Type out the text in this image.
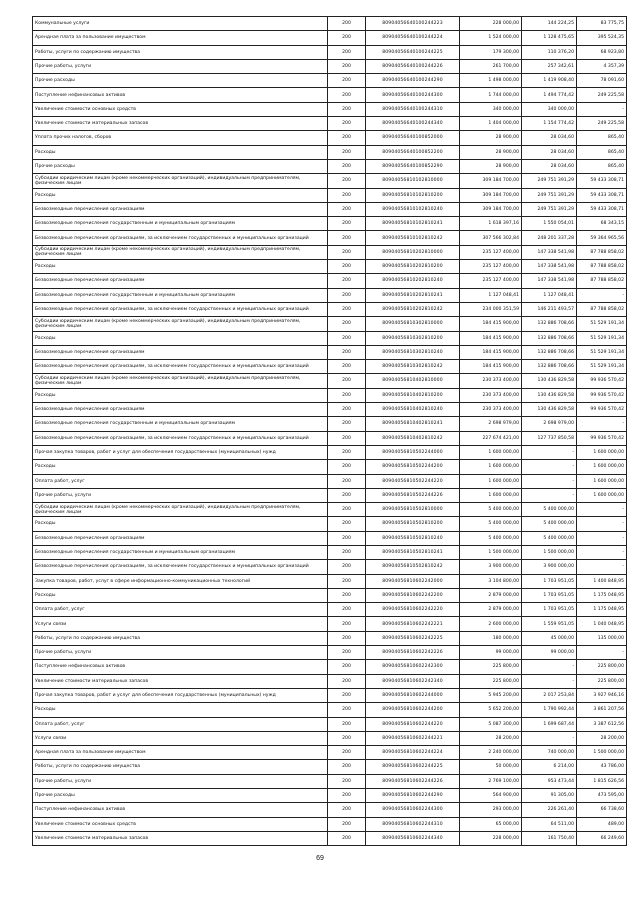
Коммунальные услуги	200	80904056640100244223	228 000,00	144 224,25	83 775,75
Арендная плата за пользование имуществом	200	80904056640100244224	1 524 000,00	1 128 475,65	395 524,35
Работы, услуги по содержанию имущества	200	80904056640100244225	179 300,00	110 376,20	68 923,80
Прочие работы, услуги	200	80904056640100244226	261 700,00	257 342,61	4 357,39
Прочие расходы	200	80904056640100244290	1 498 000,00	1 419 908,40	78 091,60
Поступление нефинансовых активов	200	80904056640100244300	1 744 000,00	1 494 774,42	249 225,58
Увеличение стоимости основных средств	200	80904056640100244310	340 000,00	340 000,00	-
Увеличение стоимости материальных запасов	200	80904056640100244340	1 404 000,00	1 154 774,42	249 225,58
Уплата прочих налогов, сборов	200	80904056640100852000	28 900,00	28 034,60	865,40
Расходы	200	80904056640100852200	28 900,00	28 034,60	865,40
Прочие расходы	200	80904056640100852290	28 900,00	28 034,60	865,40
Субсидии юридическим лицам (кроме некоммерческих организаций), индивидуальным предпринимателям, физическим лицам	200	80904056810102810000	309 184 700,00	249 751 391,29	59 433 308,71
Расходы	200	80904056810102810200	309 184 700,00	249 751 391,29	59 433 308,71
Безвозмездные перечисления организациям	200	80904056810102810240	309 184 700,00	249 751 391,29	59 433 308,71
Безвозмездные перечисления государственным и муниципальным организациям	200	80904056810102810241	1 618 397,16	1 550 054,01	68 343,15
Безвозмездные перечисления организациям, за исключением государственных и муниципальных организаций	200	80904056810102810242	307 566 302,84	248 201 337,28	59 364 965,56
Субсидии юридическим лицам (кроме некоммерческих организаций), индивидуальным предпринимателям, физическим лицам	200	80904056810202810000	235 127 400,00	147 338 541,98	87 788 858,02
Расходы	200	80904056810202810200	235 127 400,00	147 338 541,98	87 788 858,02
Безвозмездные перечисления организациям	200	80904056810202810240	235 127 400,00	147 338 541,98	87 788 858,02
Безвозмездные перечисления государственным и муниципальным организациям	200	80904056810202810241	1 127 048,41	1 127 048,41	-
Безвозмездные перечисления организациям, за исключением государственных и муниципальных организаций	200	80904056810202810242	234 000 351,59	146 211 493,57	87 788 858,02
Субсидии юридическим лицам (кроме некоммерческих организаций), индивидуальным предпринимателям, физическим лицам	200	80904056810302810000	184 415 900,00	132 886 708,66	51 529 191,34
Расходы	200	80904056810302810200	184 415 900,00	132 886 708,66	51 529 191,34
Безвозмездные перечисления организациям	200	80904056810302810240	184 415 900,00	132 886 708,66	51 529 191,34
Безвозмездные перечисления организациям, за исключением государственных и муниципальных организаций	200	80904056810302810242	184 415 900,00	132 886 708,66	51 529 191,34
Субсидии юридическим лицам (кроме некоммерческих организаций), индивидуальным предпринимателям, физическим лицам	200	80904056810402810000	230 373 400,00	130 436 829,58	99 936 570,42
Расходы	200	80904056810402810200	230 373 400,00	130 436 829,58	99 936 570,42
Безвозмездные перечисления организациям	200	80904056810402810240	230 373 400,00	130 436 829,58	99 936 570,42
Безвозмездные перечисления государственным и муниципальным организациям	200	80904056810402810241	2 698 979,00	2 698 979,00	-
Безвозмездные перечисления организациям, за исключением государственных и муниципальных организаций	200	80904056810402810242	227 674 421,00	127 737 850,58	99 936 570,42
Прочая закупка товаров, работ и услуг для обеспечения государственных (муниципальных) нужд	200	80904056810502244000	1 600 000,00	-	1 600 000,00
Расходы	200	80904056810502244200	1 600 000,00	-	1 600 000,00
Оплата работ, услуг	200	80904056810502244220	1 600 000,00	-	1 600 000,00
Прочие работы, услуги	200	80904056810502244226	1 600 000,00	-	1 600 000,00
Субсидии юридическим лицам (кроме некоммерческих организаций), индивидуальным предпринимателям, физическим лицам	200	80904056810502810000	5 400 000,00	5 400 000,00	-
Расходы	200	80904056810502810200	5 400 000,00	5 400 000,00	-
Безвозмездные перечисления организациям	200	80904056810502810240	5 400 000,00	5 400 000,00	-
Безвозмездные перечисления государственным и муниципальным организациям	200	80904056810502810241	1 500 000,00	1 500 000,00	-
Безвозмездные перечисления организациям, за исключением государственных и муниципальных организаций	200	80904056810502810242	3 900 000,00	3 900 000,00	-
Закупка товаров, работ, услуг в сфере информационно-коммуникационных технологий	200	80904056810602242000	3 104 800,00	1 703 951,05	1 400 848,95
Расходы	200	80904056810602242200	2 879 000,00	1 703 951,05	1 175 048,95
Оплата работ, услуг	200	80904056810602242220	2 879 000,00	1 703 951,05	1 175 048,95
Услуги связи	200	80904056810602242221	2 600 000,00	1 559 951,05	1 040 048,95
Работы, услуги по содержанию имущества	200	80904056810602242225	180 000,00	45 000,00	135 000,00
Прочие работы, услуги	200	80904056810602242226	99 000,00	99 000,00	-
Поступление нефинансовых активов	200	80904056810602242300	225 800,00	-	225 800,00
Увеличение стоимости материальных запасов	200	80904056810602242340	225 800,00	-	225 800,00
Прочая закупка товаров, работ и услуг для обеспечения государственных (муниципальных) нужд	200	80904056810602244000	5 945 200,00	2 017 253,84	3 927 946,16
Расходы	200	80904056810602244200	5 652 200,00	1 790 992,44	3 861 207,56
Оплата работ, услуг	200	80904056810602244220	5 087 300,00	1 699 687,44	3 387 612,56
Услуги связи	200	80904056810602244221	28 200,00	-	28 200,00
Арендная плата за пользование имуществом	200	80904056810602244224	2 240 000,00	740 000,00	1 500 000,00
Работы, услуги по содержанию имущества	200	80904056810602244225	50 000,00	6 214,00	43 786,00
Прочие работы, услуги	200	80904056810602244226	2 769 100,00	953 473,44	1 815 626,56
Прочие расходы	200	80904056810602244290	564 900,00	91 305,00	473 595,00
Поступление нефинансовых активов	200	80904056810602244300	293 000,00	226 261,40	66 738,60
Увеличение стоимости основных средств	200	80904056810602244310	65 000,00	64 511,00	489,00
Увеличение стоимости материальных запасов	200	80904056810602244340	228 000,00	161 750,40	66 249,60
69
